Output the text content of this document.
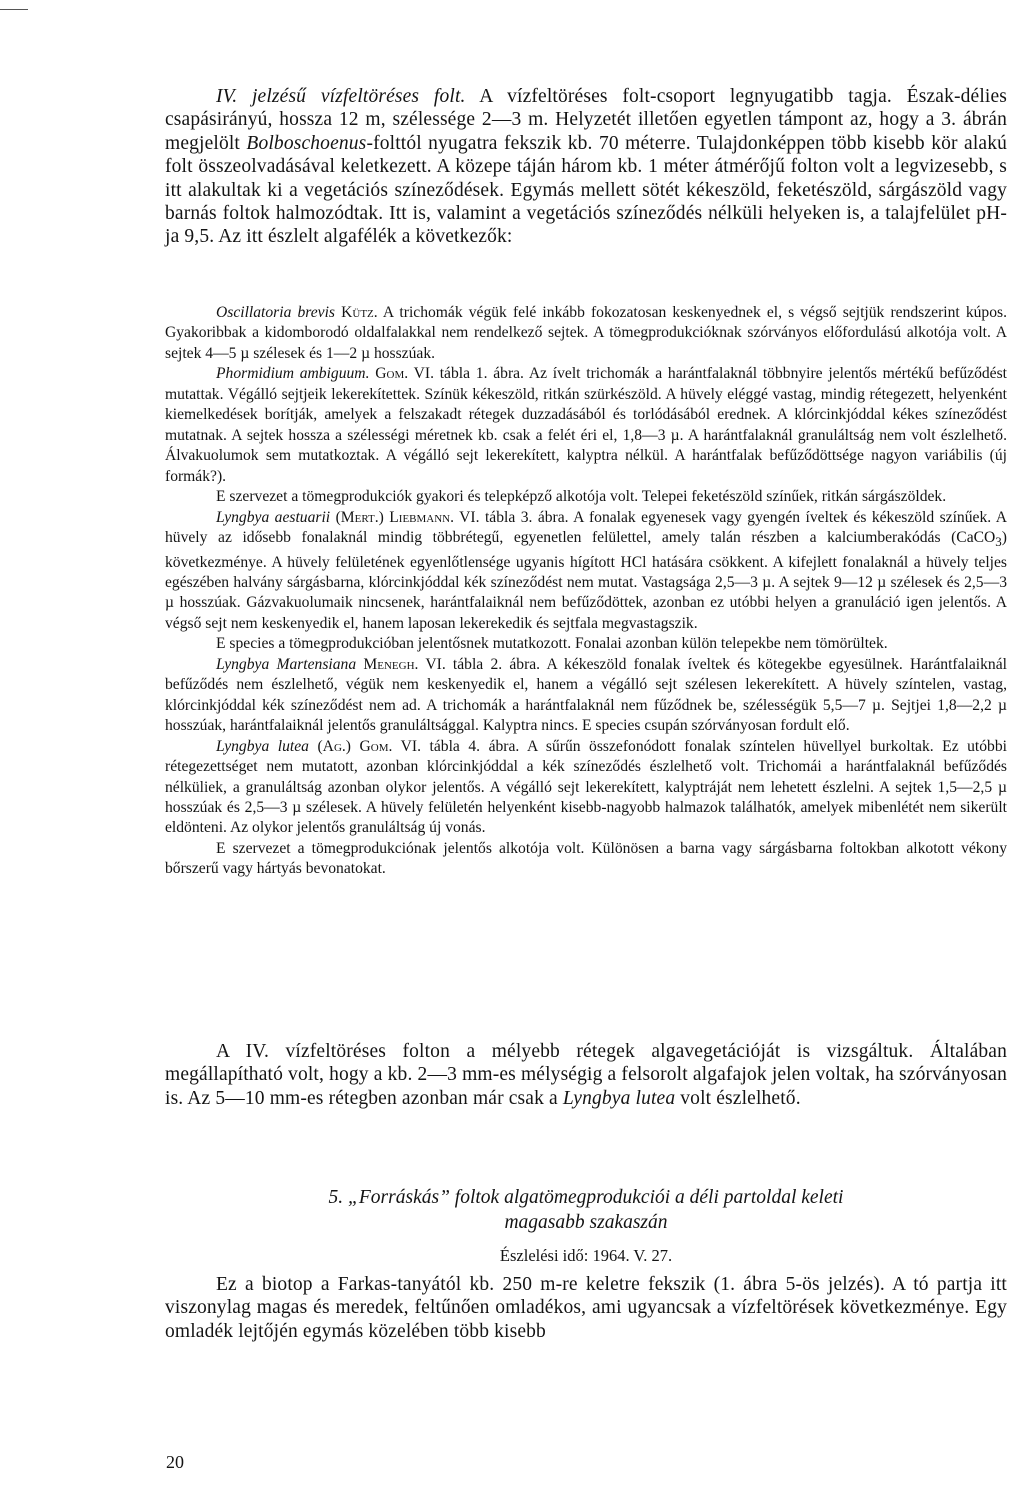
IV. jelzésű vízfeltöréses folt. A vízfeltöréses folt-csoport legnyugatibb tagja. Észak-délies csapásirányú, hossza 12 m, szélessége 2—3 m. Helyzetét illetően egyetlen támpont az, hogy a 3. ábrán megjelölt Bolboschoenus-folttól nyugatra fekszik kb. 70 méterre. Tulajdonképpen több kisebb kör alakú folt összeolvadásával keletkezett. A közepe táján három kb. 1 méter átmérőjű folton volt a legvizesebb, s itt alakultak ki a vegetációs színeződések. Egymás mellett sötét kékeszöld, feketészöld, sárgászöld vagy barnás foltok halmozódtak. Itt is, valamint a vegetációs színeződés nélküli helyeken is, a talajfelület pH-ja 9,5. Az itt észlelt algafélék a következők:

Oscillatoria brevis Kütz. A trichomák végük felé inkább fokozatosan keskenyednek el, s végső sejtjük rendszerint kúpos. Gyakoribbak a kidomborodó oldalfalakkal nem rendelkező sejtek. A tömegprodukcióknak szórványos előfordulású alkotója volt. A sejtek 4—5 µ szélesek és 1—2 µ hosszúak.

Phormidium ambiguum. Gom. VI. tábla 1. ábra. Az ívelt trichomák a harántfalaknál többnyire jelentős mértékű befűződést mutattak. Végálló sejtjeik lekerekítettek. Színük kékeszöld, ritkán szürkészöld. A hüvely eléggé vastag, mindig rétegezett, helyenként kiemelkedések borítják, amelyek a felszakadt rétegek duzzadásából és torlódásából erednek. A klórcinkjóddal kékes színeződést mutatnak. A sejtek hossza a szélességi méretnek kb. csak a felét éri el, 1,8—3 µ. A harántfalaknál granuláltság nem volt észlelhető. Álvakuolumok sem mutatkoztak. A végálló sejt lekerekített, kalyptra nélkül. A harántfalak befűződöttsége nagyon variábilis (új formák?).

E szervezet a tömegprodukciók gyakori és telepképző alkotója volt. Telepei feketészöld színűek, ritkán sárgászöldek.

Lyngbya aestuarii (Mert.) Liebmann. VI. tábla 3. ábra. A fonalak egyenesek vagy gyengén íveltek és kékeszöld színűek. A hüvely az idősebb fonalaknál mindig többrétegű, egyenetlen felülettel, amely talán részben a kalciumberakódás (CaCO$_3$) következménye. A hüvely felületének egyenlőtlensége ugyanis hígított HCl hatására csökkent. A kifejlett fonalaknál a hüvely teljes egészében halvány sárgásbarna, klórcinkjóddal kék színeződést nem mutat. Vastagsága 2,5—3 µ. A sejtek 9—12 µ szélesek és 2,5—3 µ hosszúak. Gázvakuolumaik nincsenek, harántfalaiknál nem befűződöttek, azonban ez utóbbi helyen a granuláció igen jelentős. A végső sejt nem keskenyedik el, hanem laposan lekerekedik és sejtfala megvastagszik.

E species a tömegprodukcióban jelentősnek mutatkozott. Fonalai azonban külön telepekbe nem tömörültek.

Lyngbya Martensiana Menegh. VI. tábla 2. ábra. A kékeszöld fonalak íveltek és kötegekbe egyesülnek. Harántfalaiknál befűződés nem észlelhető, végük nem keskenyedik el, hanem a végálló sejt szélesen lekerekített. A hüvely színtelen, vastag, klórcinkjóddal kék színeződést nem ad. A trichomák a harántfalaknál nem fűződnek be, szélességük 5,5—7 µ. Sejtjei 1,8—2,2 µ hosszúak, harántfalaiknál jelentős granuláltsággal. Kalyptra nincs. E species csupán szórványosan fordult elő.

Lyngbya lutea (Ag.) Gom. VI. tábla 4. ábra. A sűrűn összefonódott fonalak színtelen hüvellyel burkoltak. Ez utóbbi rétegezettséget nem mutatott, azonban klórcinkjóddal a kék színeződés észlelhető volt. Trichomái a harántfalaknál befűződés nélküliek, a granuláltság azonban olykor jelentős. A végálló sejt lekerekített, kalyptráját nem lehetett észlelni. A sejtek 1,5—2,5 µ hosszúak és 2,5—3 µ szélesek. A hüvely felületén helyenként kisebb-nagyobb halmazok találhatók, amelyek mibenlétét nem sikerült eldönteni. Az olykor jelentős granuláltság új vonás.

E szervezet a tömegprodukciónak jelentős alkotója volt. Különösen a barna vagy sárgásbarna foltokban alkotott vékony bőrszerű vagy hártyás bevonatokat.

A IV. vízfeltöréses folton a mélyebb rétegek algavegetációját is vizsgáltuk. Általában megállapítható volt, hogy a kb. 2—3 mm-es mélységig a felsorolt algafajok jelen voltak, ha szórványosan is. Az 5—10 mm-es rétegben azonban már csak a Lyngbya lutea volt észlelhető.

5. „Forráskás” foltok algatömegprodukciói a déli partoldal keleti

magasabb szakaszán

Észlelési idő: 1964. V. 27.

Ez a biotop a Farkas-tanyától kb. 250 m-re keletre fekszik (1. ábra 5-ös jelzés). A tó partja itt viszonylag magas és meredek, feltűnően omladékos, ami ugyancsak a vízfeltörések következménye. Egy omladék lejtőjén egymás közelében több kisebb

20
